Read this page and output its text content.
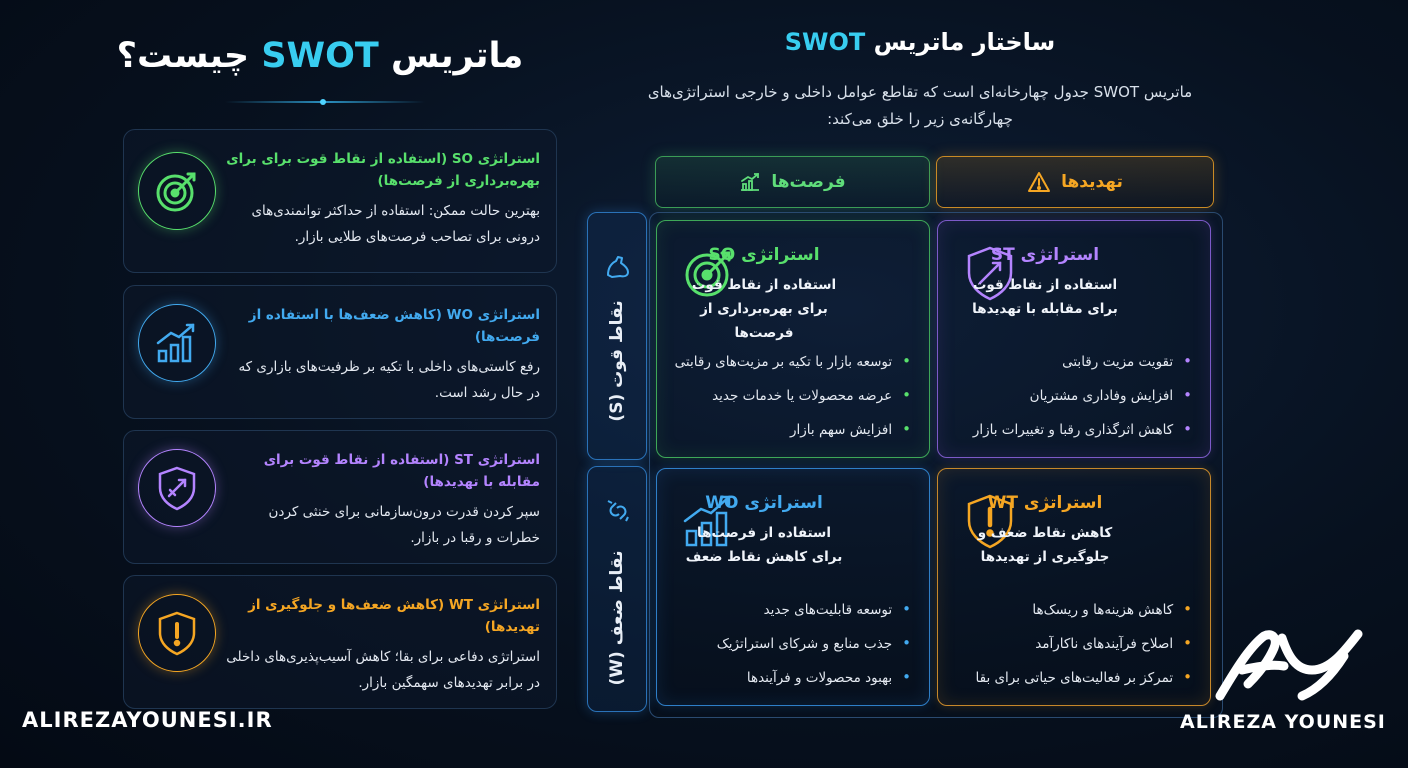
ماتریس SWOT چیست؟
استراتژی SO (استفاده از نقاط قوت برای برای بهره‌برداری از فرصت‌ها)
بهترین حالت ممکن: استفاده از حداکثر توانمندی‌های درونی برای تصاحب فرصت‌های طلایی بازار.
استراتژی WO (کاهش ضعف‌ها با استفاده از فرصت‌ها)
رفع کاستی‌های داخلی با تکیه بر ظرفیت‌های بازاری که در حال رشد است.
استراتژی ST (استفاده از نقاط قوت برای مقابله با تهدیدها)
سپر کردن قدرت درون‌سازمانی برای خنثی کردن خطرات و رقبا در بازار.
استراتژی WT (کاهش ضعف‌ها و جلوگیری از تهدیدها)
استراتژی دفاعی برای بقا؛ کاهش آسیب‌پذیری‌های داخلی در برابر تهدیدهای سهمگین بازار.
ساختار ماتریس SWOT
ماتریس SWOT جدول چهارخانه‌ای است که تقاطع عوامل داخلی و خارجی استراتژی‌های چهارگانه‌ی زیر را خلق می‌کند:
فرصت‌ها	تهدیدها
نقاط قوت (S)
نقاط ضعف (W)
استراتژی SO
استفاده از نقاط قوت
برای بهره‌برداری از فرصت‌ها
• توسعه بازار با تکیه بر مزیت‌های رقابتی
• عرضه محصولات یا خدمات جدید
• افزایش سهم بازار
استراتژی ST
استفاده از نقاط قوت
برای مقابله با تهدیدها
• تقویت مزیت رقابتی
• افزایش وفاداری مشتریان
• کاهش اثرگذاری رقبا و تغییرات بازار
استراتژی WO
استفاده از فرصت‌ها
برای کاهش نقاط ضعف
• توسعه قابلیت‌های جدید
• جذب منابع و شرکای استراتژیک
• بهبود محصولات و فرآیندها
استراتژی WT
کاهش نقاط ضعف و
جلوگیری از تهدیدها
• کاهش هزینه‌ها و ریسک‌ها
• اصلاح فرآیندهای ناکارآمد
• تمرکز بر فعالیت‌های حیاتی برای بقا
ALIREZAYOUNESI.IR	ALIREZA YOUNESI
